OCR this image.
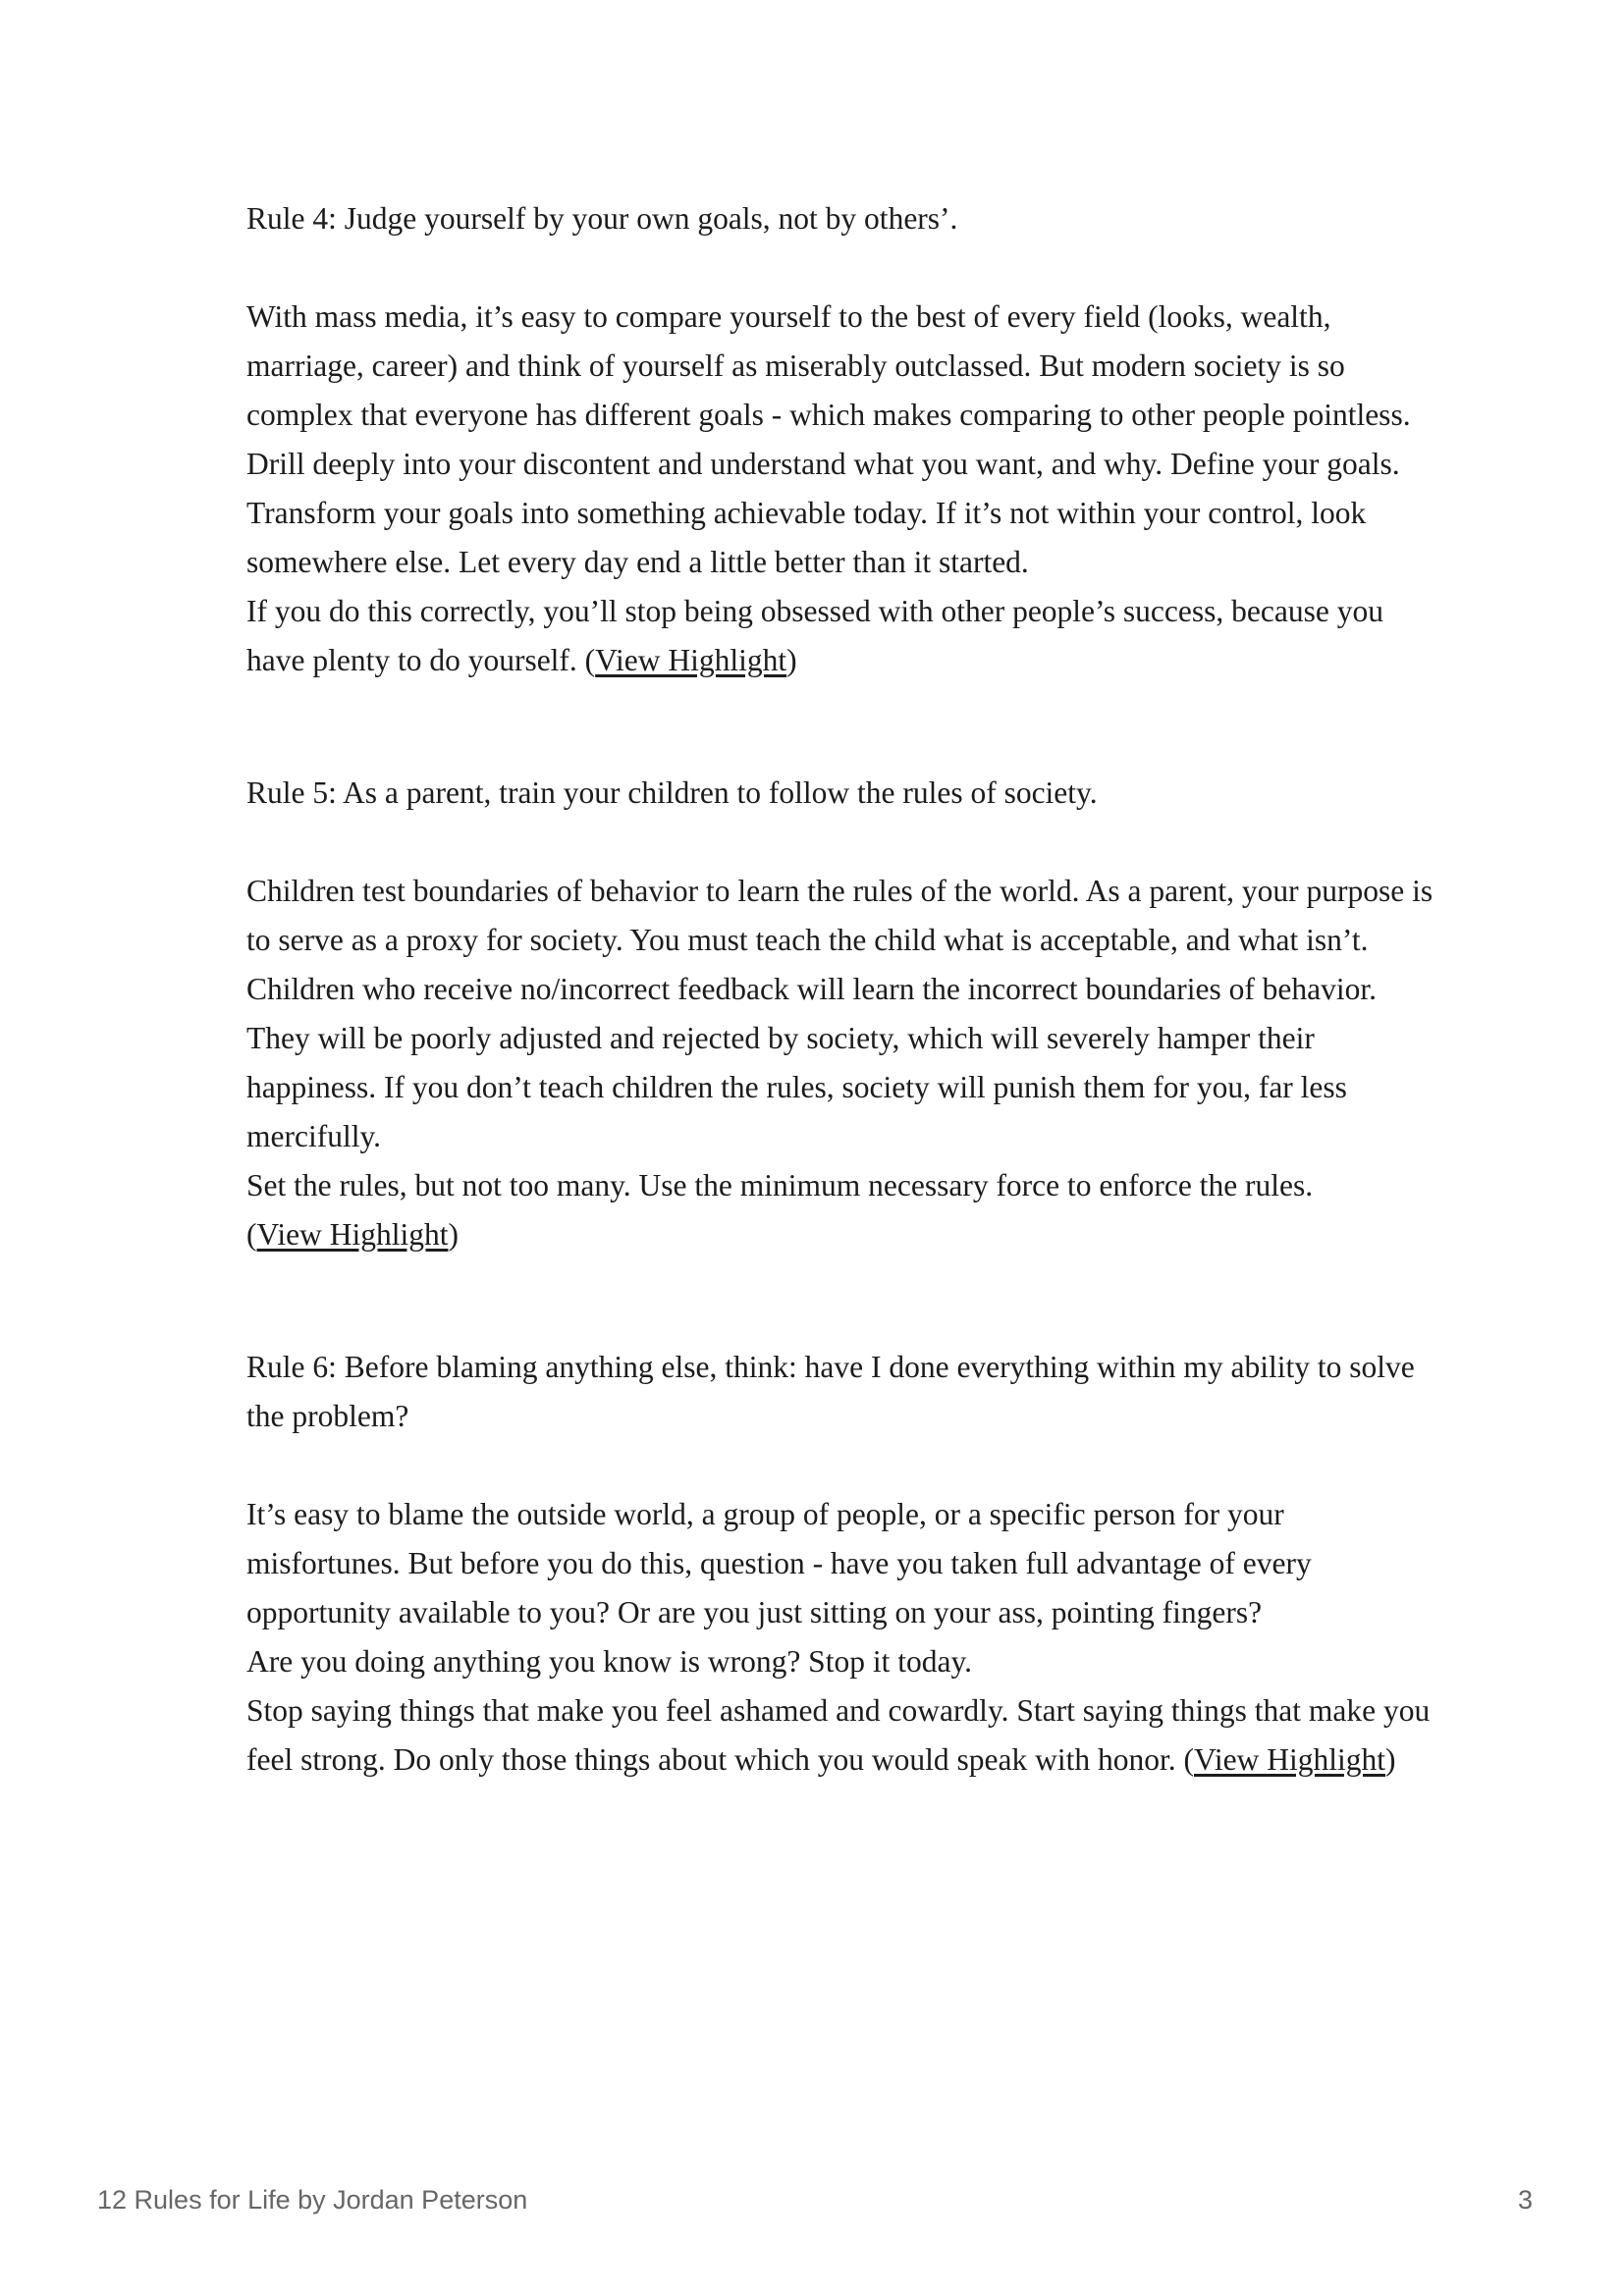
Rule 4: Judge yourself by your own goals, not by others’.

With mass media, it’s easy to compare yourself to the best of every field (looks, wealth, marriage, career) and think of yourself as miserably outclassed. But modern society is so complex that everyone has different goals - which makes comparing to other people pointless.

Drill deeply into your discontent and understand what you want, and why. Define your goals.

Transform your goals into something achievable today. If it’s not within your control, look somewhere else. Let every day end a little better than it started.

If you do this correctly, you’ll stop being obsessed with other people’s success, because you have plenty to do yourself. (View Highlight)

Rule 5: As a parent, train your children to follow the rules of society.

Children test boundaries of behavior to learn the rules of the world. As a parent, your purpose is to serve as a proxy for society. You must teach the child what is acceptable, and what isn’t.

Children who receive no/incorrect feedback will learn the incorrect boundaries of behavior. They will be poorly adjusted and rejected by society, which will severely hamper their happiness. If you don’t teach children the rules, society will punish them for you, far less mercifully.

Set the rules, but not too many. Use the minimum necessary force to enforce the rules. (View Highlight)

Rule 6: Before blaming anything else, think: have I done everything within my ability to solve the problem?

It’s easy to blame the outside world, a group of people, or a specific person for your misfortunes. But before you do this, question - have you taken full advantage of every opportunity available to you? Or are you just sitting on your ass, pointing fingers?

Are you doing anything you know is wrong? Stop it today.

Stop saying things that make you feel ashamed and cowardly. Start saying things that make you feel strong. Do only those things about which you would speak with honor. (View Highlight)

12 Rules for Life by Jordan Peterson	3
